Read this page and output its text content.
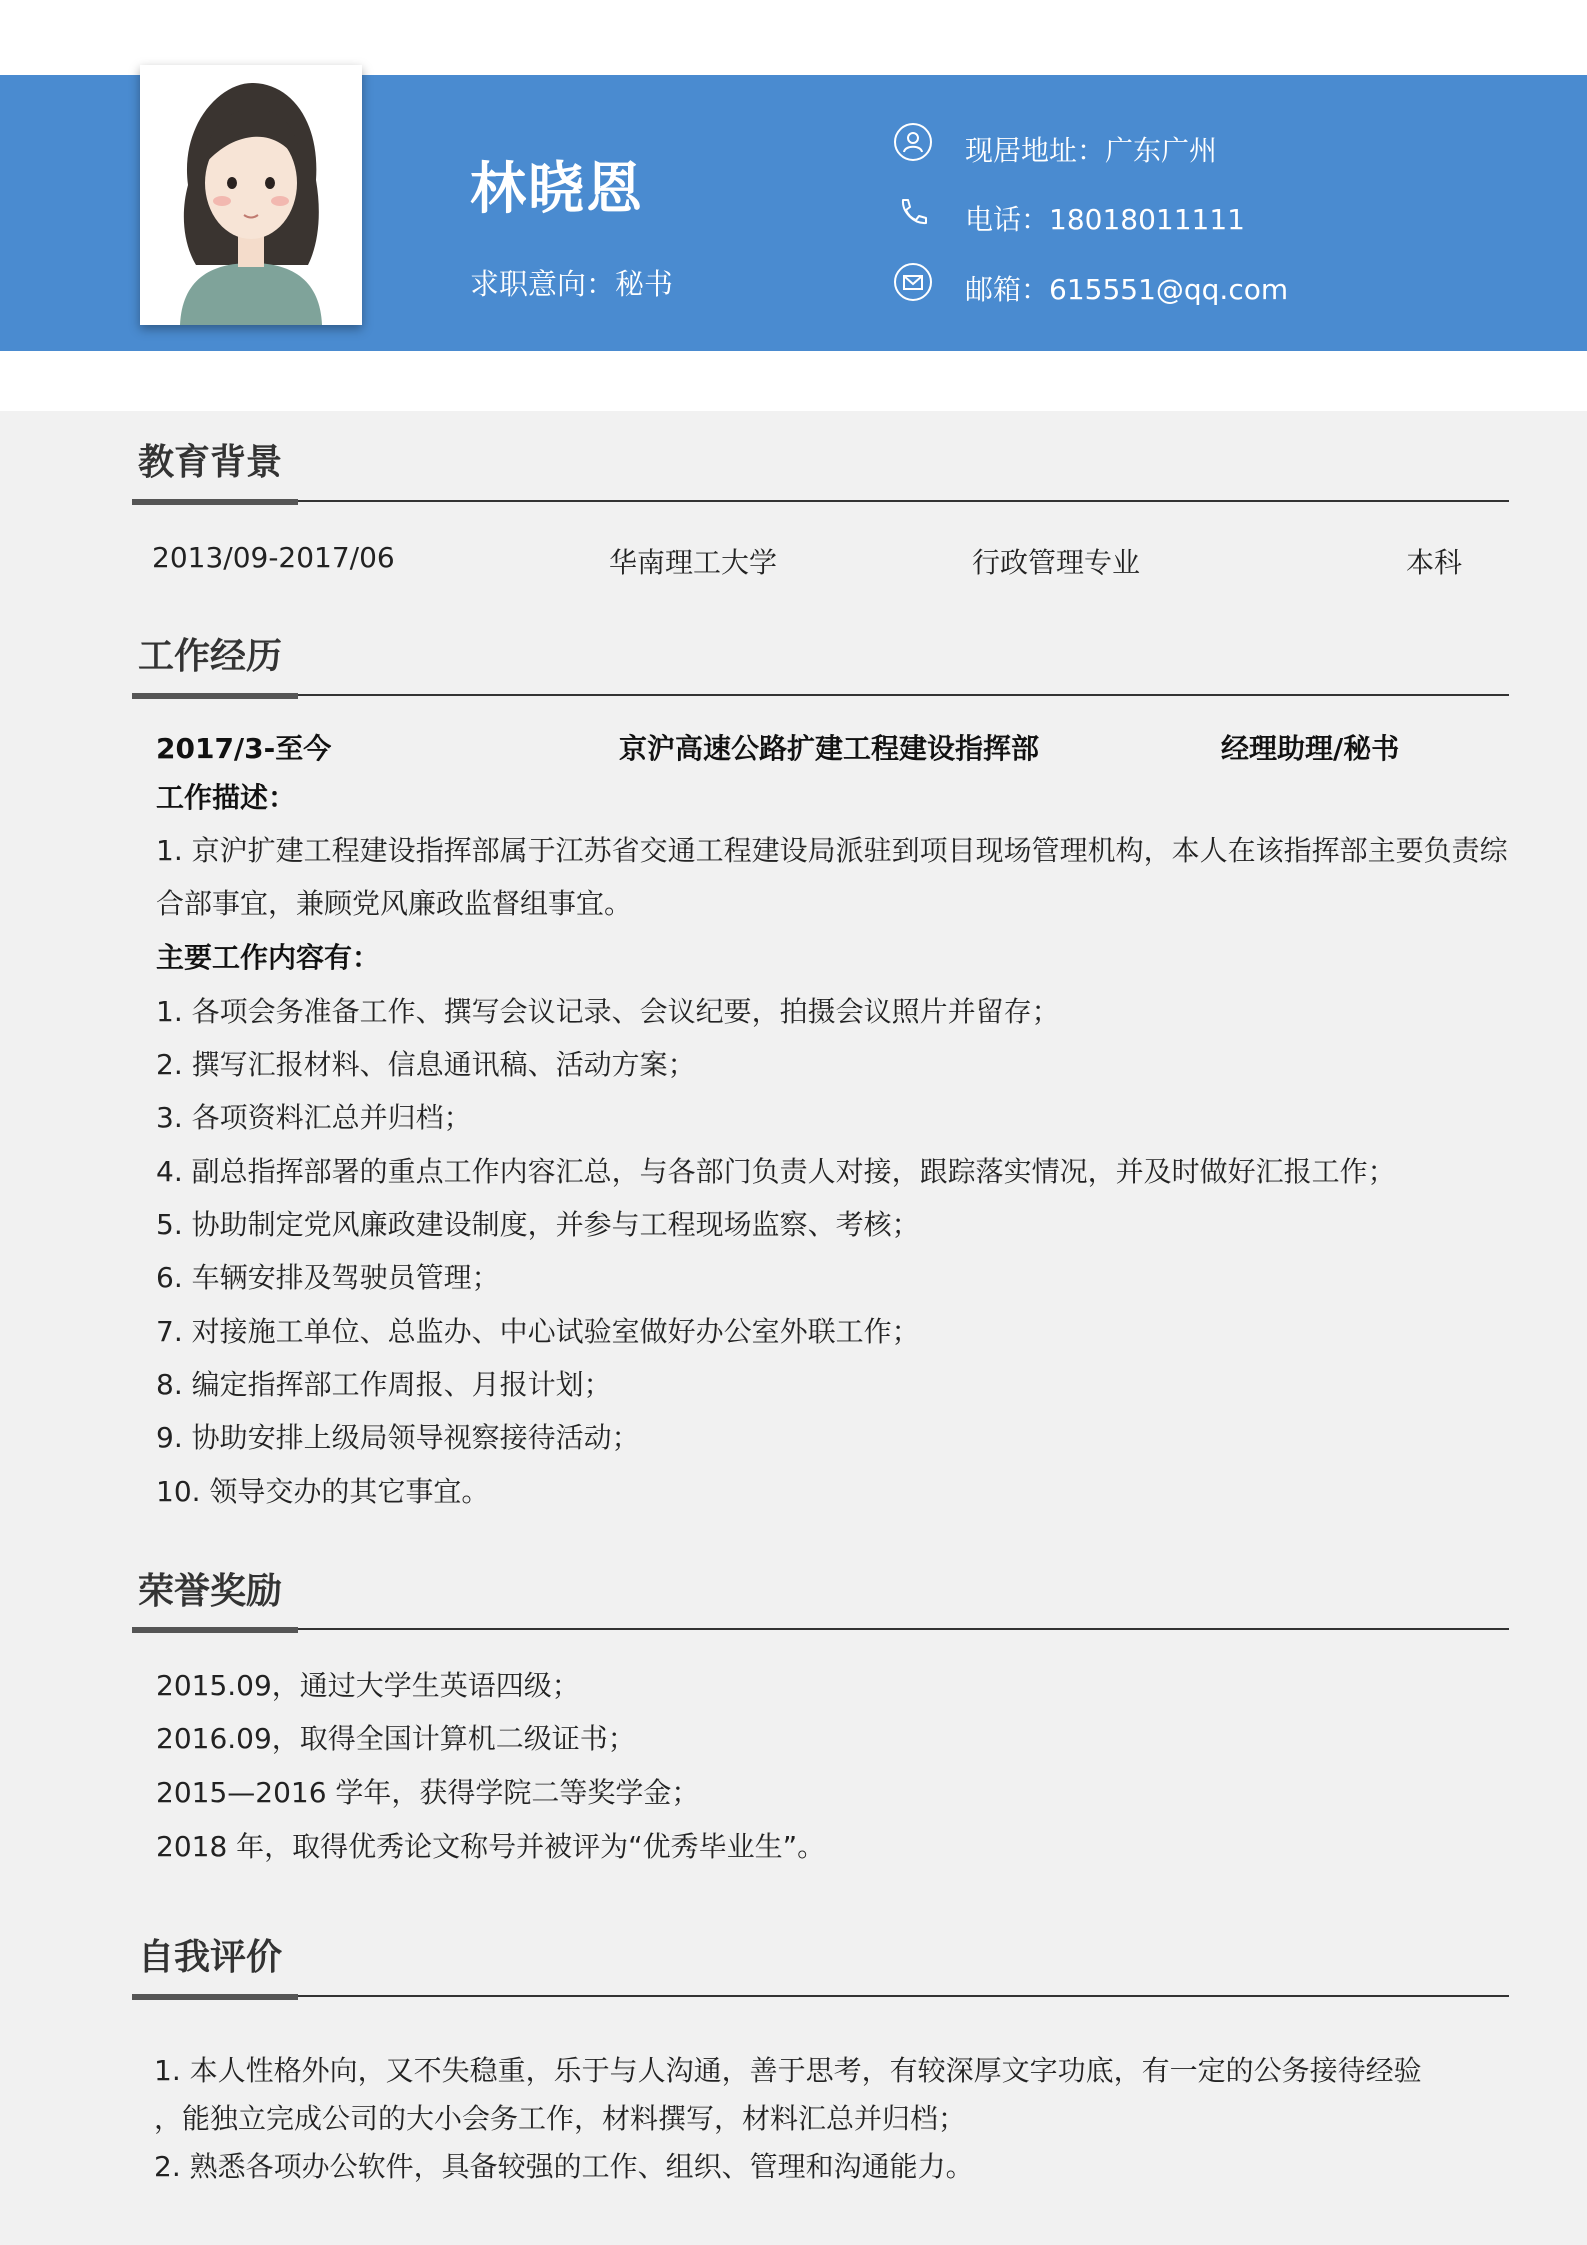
林晓恩
求职意向：秘书
现居地址：广东广州
电话：18018011111
邮箱：615551@qq.com
教育背景
2013/09-2017/06	华南理工大学	行政管理专业	本科
工作经历
2017/3-至今	京沪高速公路扩建工程建设指挥部	经理助理/秘书
工作描述：
1. 京沪扩建工程建设指挥部属于江苏省交通工程建设局派驻到项目现场管理机构，本人在该指挥部主要负责综
合部事宜，兼顾党风廉政监督组事宜。
主要工作内容有：
1. 各项会务准备工作、撰写会议记录、会议纪要，拍摄会议照片并留存；
2. 撰写汇报材料、信息通讯稿、活动方案；
3. 各项资料汇总并归档；
4. 副总指挥部署的重点工作内容汇总，与各部门负责人对接，跟踪落实情况，并及时做好汇报工作；
5. 协助制定党风廉政建设制度，并参与工程现场监察、考核；
6. 车辆安排及驾驶员管理；
7. 对接施工单位、总监办、中心试验室做好办公室外联工作；
8. 编定指挥部工作周报、月报计划；
9. 协助安排上级局领导视察接待活动；
10. 领导交办的其它事宜。
荣誉奖励
2015.09，通过大学生英语四级；
2016.09，取得全国计算机二级证书；
2015—2016 学年，获得学院二等奖学金；
2018 年，取得优秀论文称号并被评为“优秀毕业生”。
自我评价
1. 本人性格外向，又不失稳重，乐于与人沟通，善于思考，有较深厚文字功底，有一定的公务接待经验
，能独立完成公司的大小会务工作，材料撰写，材料汇总并归档；
2. 熟悉各项办公软件，具备较强的工作、组织、管理和沟通能力。
